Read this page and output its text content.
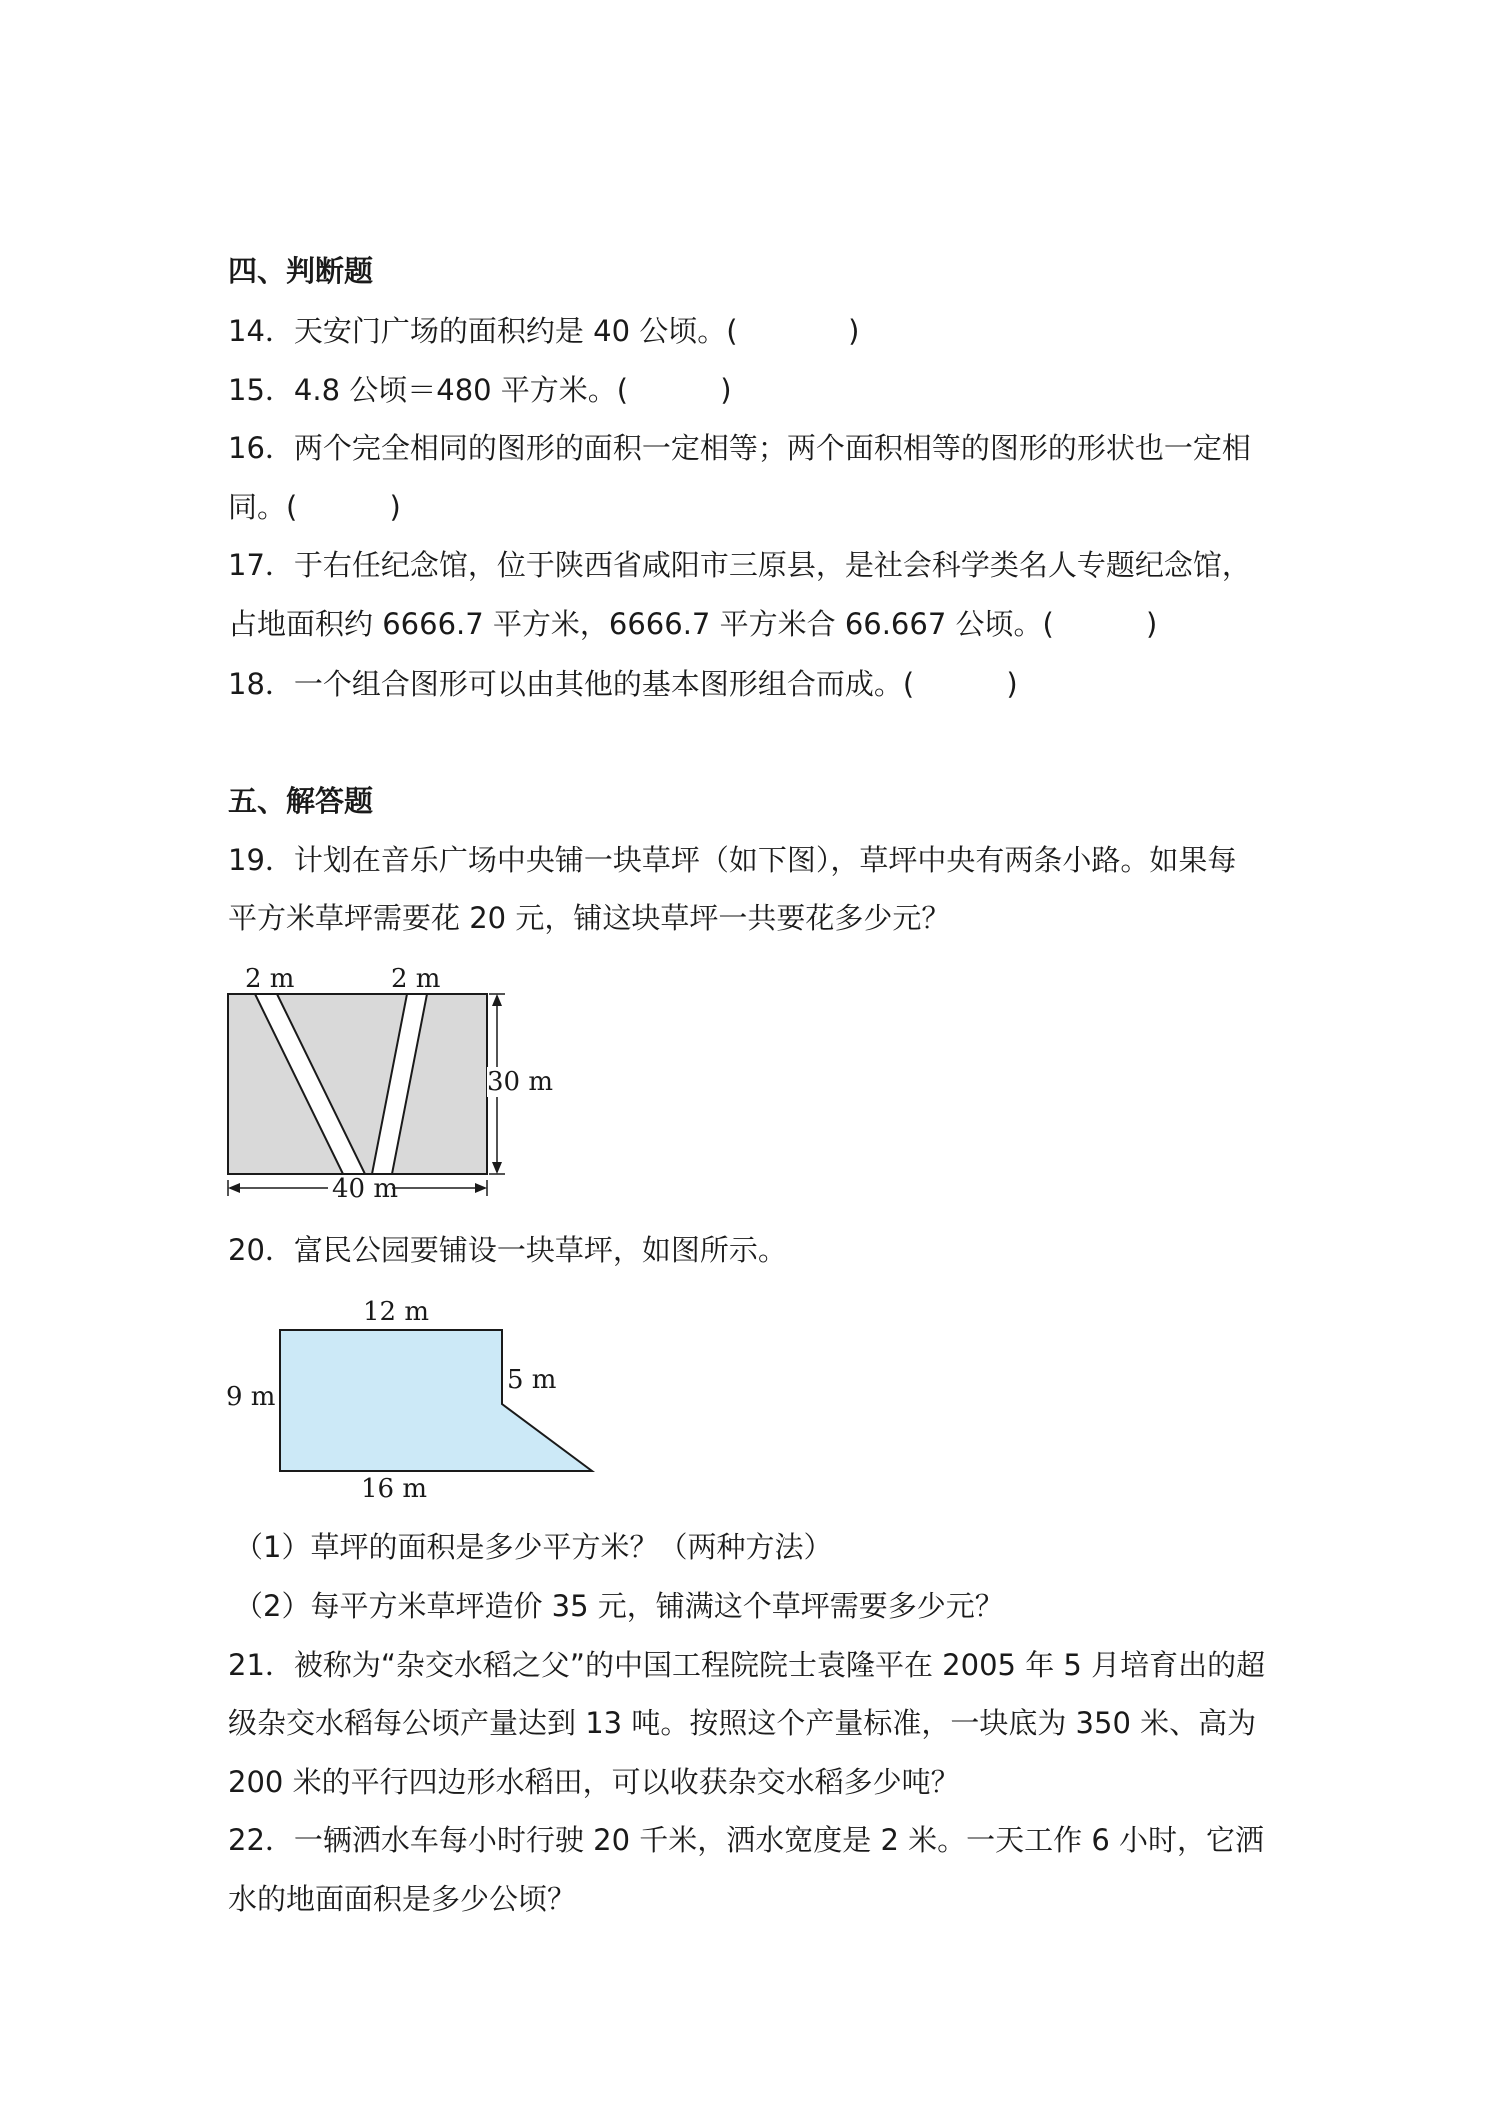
四、判断题
14．天安门广场的面积约是 40 公顷。(            )
15．4.8 公顷＝480 平方米。(          )
16．两个完全相同的图形的面积一定相等；两个面积相等的图形的形状也一定相
同。(          )
17．于右任纪念馆，位于陕西省咸阳市三原县，是社会科学类名人专题纪念馆，
占地面积约 6666.7 平方米，6666.7 平方米合 66.667 公顷。(          )
18．一个组合图形可以由其他的基本图形组合而成。(          )
五、解答题
19．计划在音乐广场中央铺一块草坪（如下图），草坪中央有两条小路。如果每
平方米草坪需要花 20 元，铺这块草坪一共要花多少元？
2 m	2 m
30 m
40 m
20．富民公园要铺设一块草坪，如图所示。
12 m
9 m
5 m
16 m
（1）草坪的面积是多少平方米？（两种方法）
（2）每平方米草坪造价 35 元，铺满这个草坪需要多少元？
21．被称为“杂交水稻之父”的中国工程院院士袁隆平在 2005 年 5 月培育出的超
级杂交水稻每公顷产量达到 13 吨。按照这个产量标准，一块底为 350 米、高为
200 米的平行四边形水稻田，可以收获杂交水稻多少吨？
22．一辆洒水车每小时行驶 20 千米，洒水宽度是 2 米。一天工作 6 小时，它洒
水的地面面积是多少公顷？
